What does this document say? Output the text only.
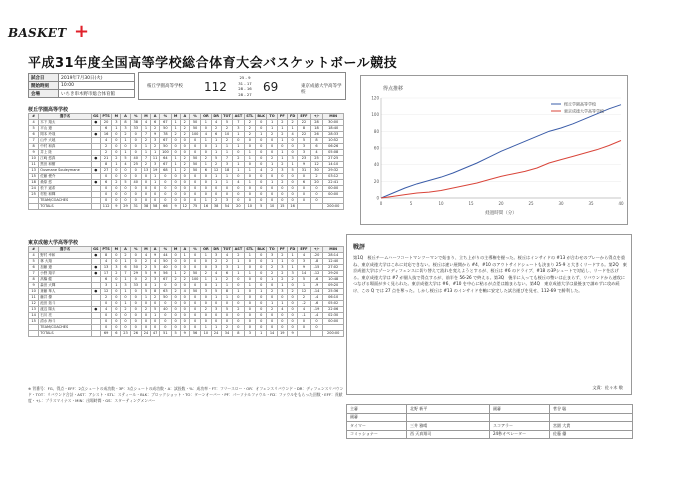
BASKET +
平成31年度全国高等学校総合体育大会バスケットボール競技
試合日	2019年7月30日(火)
開始時刻	10:00
会場	いちき串木野市総合体育館
桜丘学園高等学校 112
25 - 9
31 - 17
28 - 16
28 - 27
69	東京成徳大学高等学校
桜丘学園高等学校
#	選手名	GS	PTS	M	A	%	M	A	%	M	A	%	OR	DR	TOT	AST	STL	BLK	TO	PF	FD	EFF	+/-	MIN
4	木下 翔太	●	20	3	8	38	4	6	67	1	2	50	1	4	5	7	2	0	1	2	2	22	28	30:00
5	平山 遼		6	1	3	33	1	2	50	1	2	50	0	2	2	3	2	0	1	1	1	8	18	18:40
6	岡本 玲哉	●	16	0	2	0	7	9	78	2	2	100	4	6	10	1	2	1	2	2	4	22	26	28:33
7	山中 大地		4	0	1	0	2	3	67	0	0	0	1	1	2	0	0	0	0	1	0	5	8	10:52
8	中村 和真		2	0	0	0	1	2	50	0	0	0	0	1	1	1	0	0	0	0	0	3	6	06:26
9	井上 陸		2	0	1	0	1	1	100	0	0	0	0	1	1	0	1	0	0	1	0	3	4	05:08
10	江崎 悠真	●	21	2	5	40	7	11	64	1	2	50	2	5	7	2	1	0	2	1	3	23	25	27:25
11	黒田 和樹		8	1	4	25	2	3	67	1	2	50	1	2	3	1	0	0	1	2	1	9	12	14:10
13	Ousmane Souleymane	●	27	0	0	0	13	19	68	1	2	50	6	12	18	1	1	4	2	3	5	31	30	29:32
15	佐藤 俊介		0	0	0	0	0	1	0	0	0	0	0	1	1	0	0	0	0	0	0	0	2	03:12
18	桑原 悠	●	6	2	5	40	0	1	0	0	0	0	0	1	1	4	1	0	1	2	0	6	20	22:41
24	松下 遥希		0	0	0	0	0	0	0	0	0	0	0	0	0	0	0	0	0	0	0	0	0	00:00
25	村松 和輝		0	0	0	0	0	0	0	0	0	0	0	0	0	0	0	0	0	0	0	0	0	00:00
	TEAM/COACHES		0	0	0	0	0	0	0	0	0	0	1	2	3	0	0	0	0	0	0	0	0	
	TOTALS		112	9	29	31	38	58	66	9	12	75	16	38	54	20	10	5	10	15	16			200:00
東京成徳大学高等学校
#	選手名	GS	PTS	M	A	%	M	A	%	M	A	%	OR	DR	TOT	AST	STL	BLK	TO	PF	FD	EFF	+/-	MIN
4	野村 幸和	●	8	0	2	0	4	9	44	0	1	0	1	3	4	2	1	0	3	2	1	4	-20	28:14
5	林 大翔		4	0	1	0	2	4	50	0	0	0	0	2	2	1	0	0	1	1	0	3	-8	12:40
6	加藤 遼	●	13	3	6	50	2	5	40	0	0	0	0	3	3	1	0	0	2	3	1	9	-15	27:02
7	小野 翔平	●	17	2	7	29	5	9	56	1	2	50	2	4	6	1	1	0	2	2	3	14	-12	29:20
8	高橋 健		6	0	1	0	2	3	67	2	2	100	1	1	2	0	0	0	1	2	2	5	-6	10:48
9	森田 大輝		3	1	3	33	0	1	0	0	0	0	0	1	1	0	1	0	0	1	0	1	-9	09:20
10	斎藤 隼人	●	12	0	1	0	5	8	63	2	4	50	3	5	8	1	0	1	2	3	2	12	-14	25:36
11	藤井 優		2	0	0	0	1	2	50	0	0	0	0	1	1	0	0	0	0	0	0	2	-4	06:10
12	池田 拓斗		0	0	1	0	0	0	0	0	0	0	0	0	0	0	0	0	1	1	0	-2	-6	05:02
13	渡辺 陽太	●	4	0	2	0	2	5	40	0	0	0	2	3	5	2	0	0	2	4	0	4	-19	22:06
14	石川 亮		0	0	0	0	0	1	0	0	0	0	0	0	0	0	0	0	0	0	0	-1	-4	02:30
15	清水 海斗		0	0	0	0	0	0	0	0	0	0	0	0	0	0	0	0	0	0	0	0	0	00:00
	TEAM/COACHES		0	0	0	0	0	0	0	0	0	0	1	1	2	0	0	0	0	0	0	0	0	
	TOTALS		69	6	23	26	24	47	51	5	9	56	10	24	34	8	3	1	14	19	9			200:00
※ 背番号：FG、得点・EFF：2点シュートの成功数・3P：3点シュートの成功数・A：試投数・%：成功率・FT：フリースロー・OR：オフェンスリバウンド・DR：ディフェンスリバウンド・TOT：リバウンド合計・AST：アシスト・STL：スティール・BLK：ブロックショット・TO：ターンオーバー・PF：パーソナルファウル・FD：ファウルをもらった回数・EFF：貢献度・+/-：プラスマイナス・MIN：出場時間・GS：スターティングメンバー
得点推移
0
20
40
60
80
100
120
0	5	10	15	20	25	30	35	40
経過時間（分）
桜丘学園高等学校
東京成徳大学高等学校
戦評
第1Q　桜丘チームハーフコートマンツーマンで始まり、立ち上がりの主導権を握った。桜丘はインサイドの #13 が合わせのプレーから得点を重ね、東京成徳大学はこれに対応できない。桜丘は速い展開から #4、#10 のアウトサイドシュートも決まり 25-9 と大きくリードする。第2Q　東京成徳大学はゾーンディフェンスに切り替えて流れを変えようとするが、桜丘は #6 のドライブ、#18 の3Pシュートで対応し、リードを広げる。東京成徳大学は #7 が個人技で得点するが、前半を 56-26 で終える。第3Q　後半に入っても桜丘の勢いは止まらず、リバウンドから速攻につなげる場面が多く見られた。東京成徳大学は #6、#10 を中心に粘るが点差は縮まらない。第4Q　東京成徳大学は最後まで諦めずに攻め続け、この Q では 27 点を奪った。しかし桜丘は #13 のインサイドを軸に安定した試合運びを見せ、112-69 で勝利した。
文責：佐々木 敬
主審	北野 新平	副審	菅谷 聡
副審			
タイマー	三井 雅晴	スコアラー	宮園 大貴
コミッショナー	西 天真翔司	24秒オペレーター	佐藤 優
